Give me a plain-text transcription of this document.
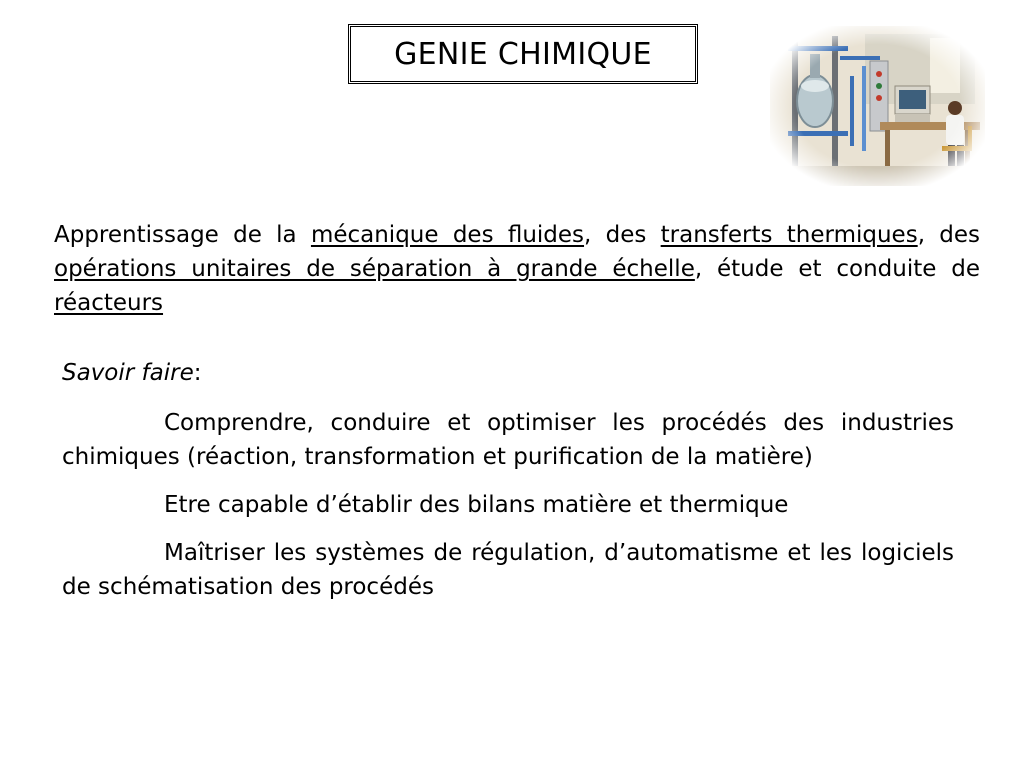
GENIE CHIMIQUE

Apprentissage de la mécanique des fluides, des transferts thermiques, des opérations unitaires de séparation à grande échelle, étude et conduite de réacteurs

Savoir faire:

Comprendre, conduire et optimiser les procédés des industries chimiques (réaction, transformation et purification de la matière)

Etre capable d’établir des bilans matière et thermique

Maîtriser les systèmes de régulation, d’automatisme et les logiciels de schématisation des procédés
